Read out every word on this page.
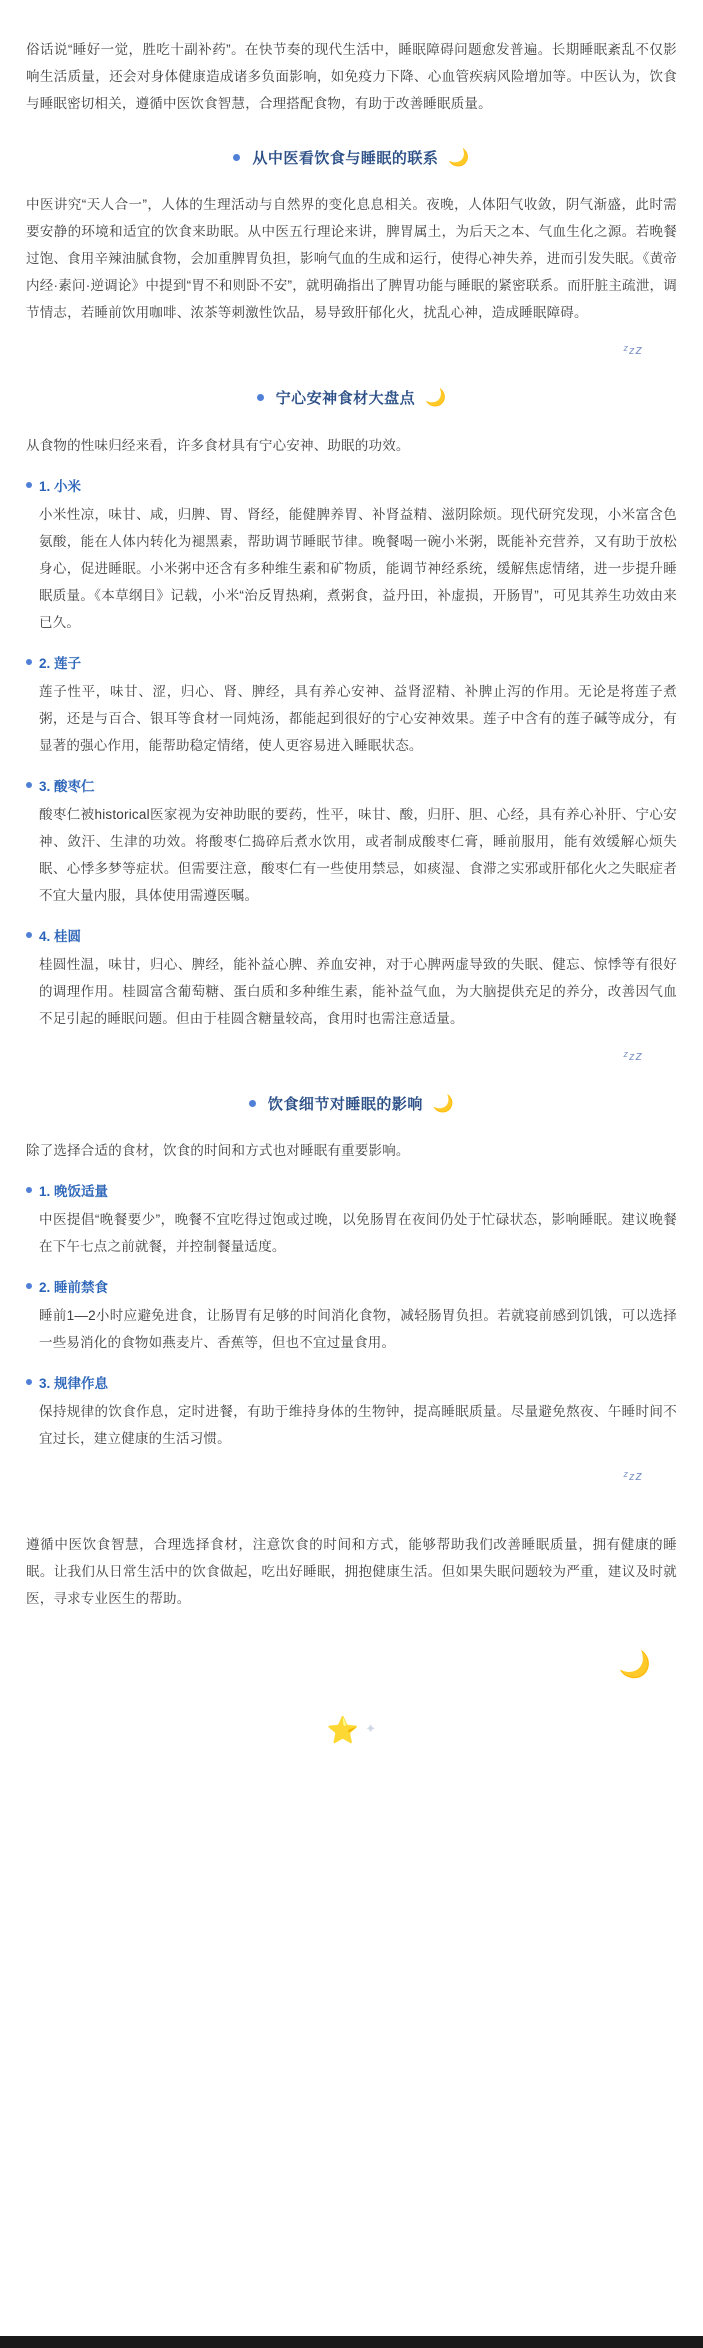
俗话说“睡好一觉，胜吃十副补药”。在快节奏的现代生活中，睡眠障碍问题愈发普遍。长期睡眠紊乱不仅影响生活质量，还会对身体健康造成诸多负面影响，如免疫力下降、心血管疾病风险增加等。中医认为，饮食与睡眠密切相关，遵循中医饮食智慧，合理搭配食物，有助于改善睡眠质量。

从中医看饮食与睡眠的联系 🌙

中医讲究“天人合一”，人体的生理活动与自然界的变化息息相关。夜晚，人体阳气收敛，阴气渐盛，此时需要安静的环境和适宜的饮食来助眠。从中医五行理论来讲，脾胃属土，为后天之本、气血生化之源。若晚餐过饱、食用辛辣油腻食物，会加重脾胃负担，影响气血的生成和运行，使得心神失养，进而引发失眠。《黄帝内经·素问·逆调论》中提到“胃不和则卧不安”，就明确指出了脾胃功能与睡眠的紧密联系。而肝脏主疏泄，调节情志，若睡前饮用咖啡、浓茶等刺激性饮品，易导致肝郁化火，扰乱心神，造成睡眠障碍。

$^z$zz
宁心安神食材大盘点 🌙

从食物的性味归经来看，许多食材具有宁心安神、助眠的功效。

1. 小米
小米性凉，味甘、咸，归脾、胃、肾经，能健脾养胃、补肾益精、滋阴除烦。现代研究发现，小米富含色氨酸，能在人体内转化为褪黑素，帮助调节睡眠节律。晚餐喝一碗小米粥，既能补充营养，又有助于放松身心，促进睡眠。小米粥中还含有多种维生素和矿物质，能调节神经系统，缓解焦虑情绪，进一步提升睡眠质量。《本草纲目》记载，小米“治反胃热痢，煮粥食，益丹田，补虚损，开肠胃”，可见其养生功效由来已久。
2. 莲子
莲子性平，味甘、涩，归心、肾、脾经，具有养心安神、益肾涩精、补脾止泻的作用。无论是将莲子煮粥，还是与百合、银耳等食材一同炖汤，都能起到很好的宁心安神效果。莲子中含有的莲子碱等成分，有显著的强心作用，能帮助稳定情绪，使人更容易进入睡眠状态。
3. 酸枣仁
酸枣仁被historical医家视为安神助眠的要药，性平，味甘、酸，归肝、胆、心经，具有养心补肝、宁心安神、敛汗、生津的功效。将酸枣仁捣碎后煮水饮用，或者制成酸枣仁膏，睡前服用，能有效缓解心烦失眠、心悸多梦等症状。但需要注意，酸枣仁有一些使用禁忌，如痰湿、食滞之实邪或肝郁化火之失眠症者不宜大量内服，具体使用需遵医嘱。
4. 桂圆
桂圆性温，味甘，归心、脾经，能补益心脾、养血安神，对于心脾两虚导致的失眠、健忘、惊悸等有很好的调理作用。桂圆富含葡萄糖、蛋白质和多种维生素，能补益气血，为大脑提供充足的养分，改善因气血不足引起的睡眠问题。但由于桂圆含糖量较高，食用时也需注意适量。
$^z$zz
饮食细节对睡眠的影响 🌙

除了选择合适的食材，饮食的时间和方式也对睡眠有重要影响。

1. 晚饭适量
中医提倡“晚餐要少”，晚餐不宜吃得过饱或过晚，以免肠胃在夜间仍处于忙碌状态，影响睡眠。建议晚餐在下午七点之前就餐，并控制餐量适度。
2. 睡前禁食
睡前1—2小时应避免进食，让肠胃有足够的时间消化食物，减轻肠胃负担。若就寝前感到饥饿，可以选择一些易消化的食物如燕麦片、香蕉等，但也不宜过量食用。
3. 规律作息
保持规律的饮食作息，定时进餐，有助于维持身体的生物钟，提高睡眠质量。尽量避免熬夜、午睡时间不宜过长，建立健康的生活习惯。
$^z$zz

遵循中医饮食智慧，合理选择食材，注意饮食的时间和方式，能够帮助我们改善睡眠质量，拥有健康的睡眠。让我们从日常生活中的饮食做起，吃出好睡眠，拥抱健康生活。但如果失眠问题较为严重，建议及时就医，寻求专业医生的帮助。

🌙
⭐ ✦
